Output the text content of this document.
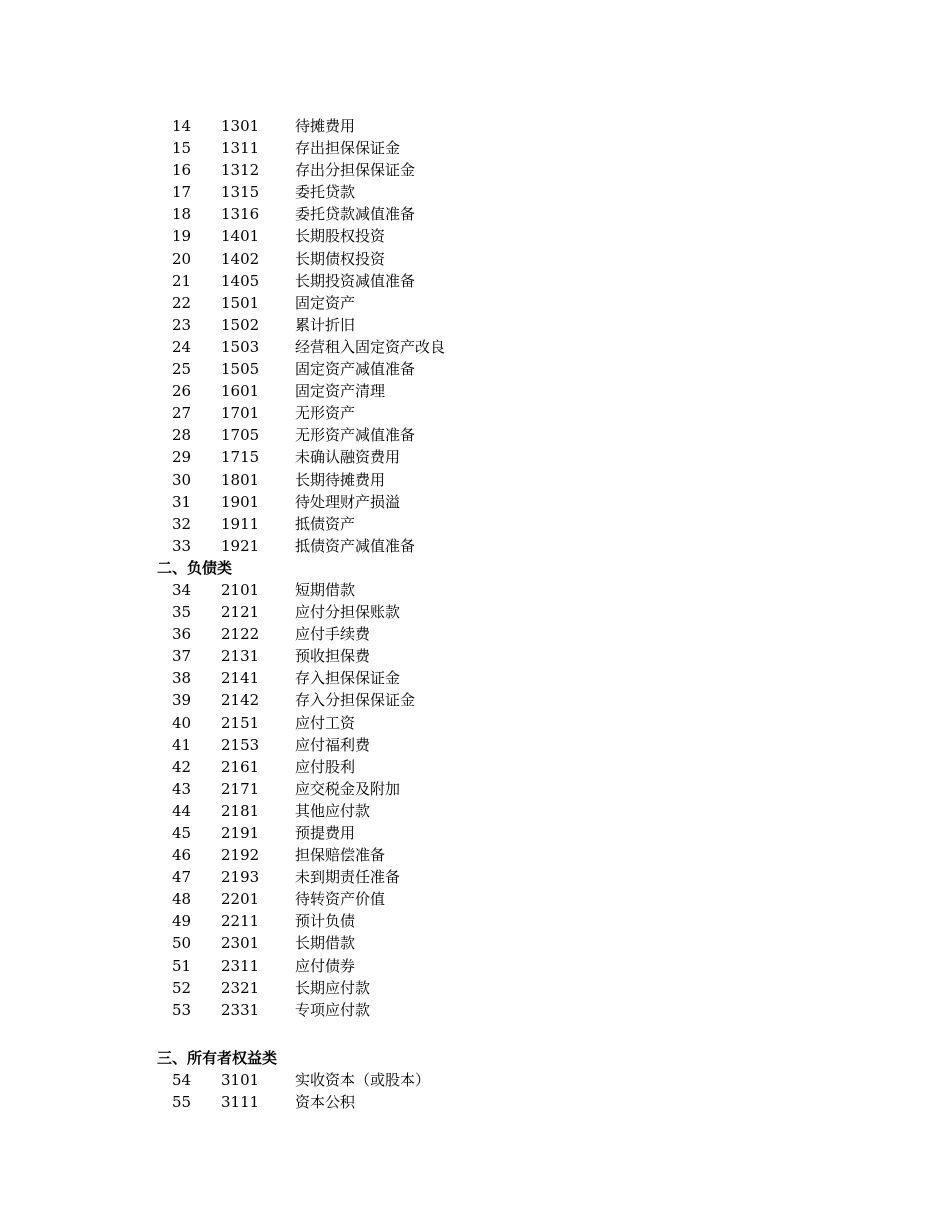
14	1301	待摊费用
15	1311	存出担保保证金
16	1312	存出分担保保证金
17	1315	委托贷款
18	1316	委托贷款减值准备
19	1401	长期股权投资
20	1402	长期债权投资
21	1405	长期投资减值准备
22	1501	固定资产
23	1502	累计折旧
24	1503	经营租入固定资产改良
25	1505	固定资产减值准备
26	1601	固定资产清理
27	1701	无形资产
28	1705	无形资产减值准备
29	1715	未确认融资费用
30	1801	长期待摊费用
31	1901	待处理财产损溢
32	1911	抵债资产
33	1921	抵债资产减值准备
二、负债类
34	2101	短期借款
35	2121	应付分担保账款
36	2122	应付手续费
37	2131	预收担保费
38	2141	存入担保保证金
39	2142	存入分担保保证金
40	2151	应付工资
41	2153	应付福利费
42	2161	应付股利
43	2171	应交税金及附加
44	2181	其他应付款
45	2191	预提费用
46	2192	担保赔偿准备
47	2193	未到期责任准备
48	2201	待转资产价值
49	2211	预计负债
50	2301	长期借款
51	2311	应付债券
52	2321	长期应付款
53	2331	专项应付款
三、所有者权益类
54	3101	实收资本（或股本）
55	3111	资本公积
